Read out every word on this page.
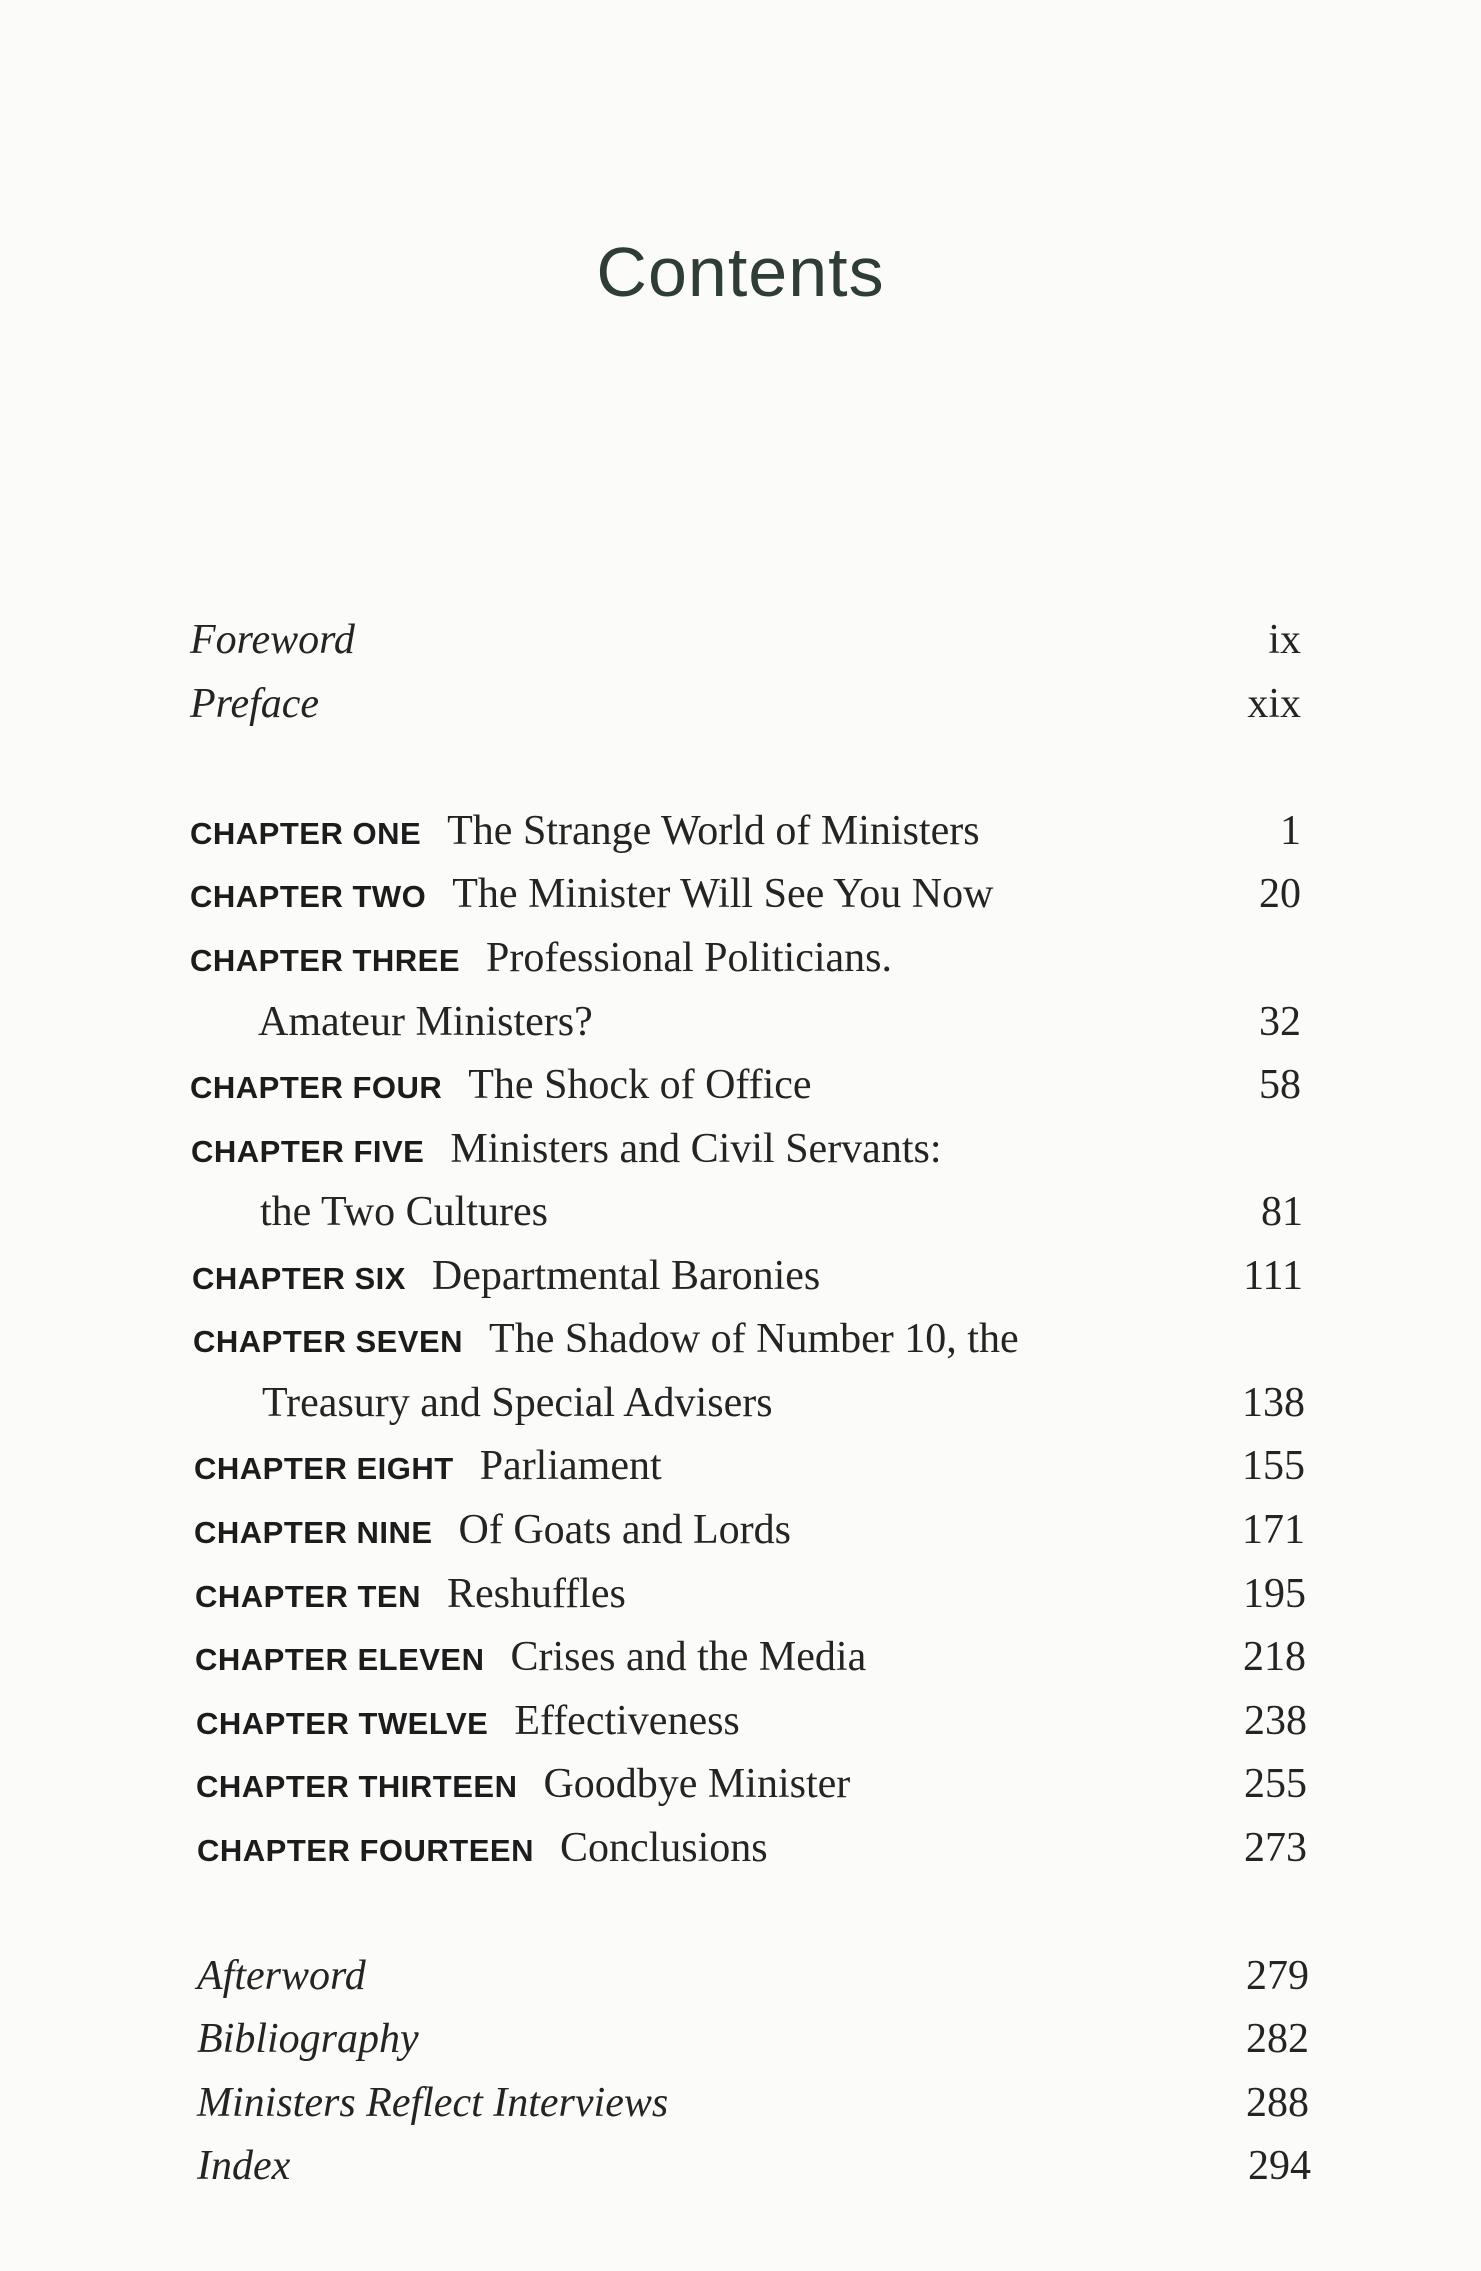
Contents
Foreword	ix
Preface	xix
CHAPTER ONE The Strange World of Ministers	1
CHAPTER TWO The Minister Will See You Now	20
CHAPTER THREE Professional Politicians.
Amateur Ministers?	32
CHAPTER FOUR The Shock of Office	58
CHAPTER FIVE Ministers and Civil Servants:
the Two Cultures	81
CHAPTER SIX Departmental Baronies	111
CHAPTER SEVEN The Shadow of Number 10, the
Treasury and Special Advisers	138
CHAPTER EIGHT Parliament	155
CHAPTER NINE Of Goats and Lords	171
CHAPTER TEN Reshuffles	195
CHAPTER ELEVEN Crises and the Media	218
CHAPTER TWELVE Effectiveness	238
CHAPTER THIRTEEN Goodbye Minister	255
CHAPTER FOURTEEN Conclusions	273
Afterword	279
Bibliography	282
Ministers Reflect Interviews	288
Index	294
